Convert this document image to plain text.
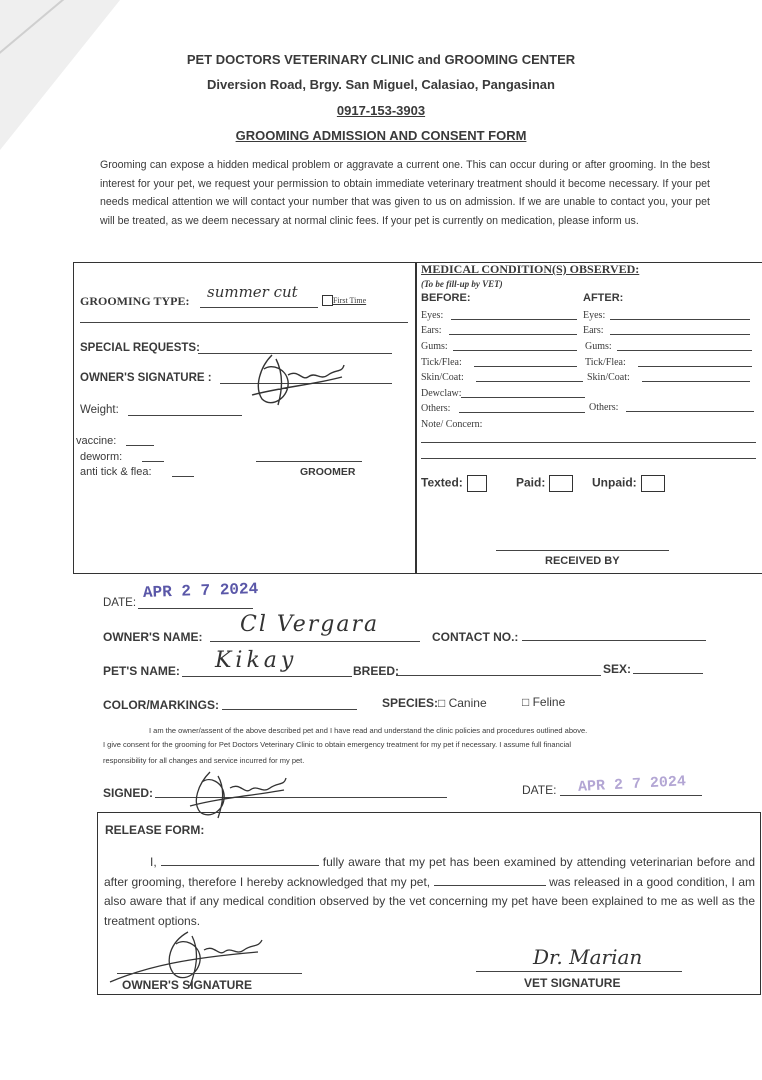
PET DOCTORS VETERINARY CLINIC and GROOMING CENTER
Diversion Road, Brgy. San Miguel, Calasiao, Pangasinan
0917-153-3903
GROOMING ADMISSION AND CONSENT FORM
Grooming can expose a hidden medical problem or aggravate a current one. This can occur during or after grooming. In the best interest for your pet, we request your permission to obtain immediate veterinary treatment should it become necessary. If your pet needs medical attention we will contact your number that was given to us on admission. If we are unable to contact you, your pet will be treated, as we deem necessary at normal clinic fees. If your pet is currently on medication, please inform us.
GROOMING TYPE: summer cut	First Time
SPECIAL REQUESTS:
OWNER'S SIGNATURE :
Weight:
vaccine:
deworm:
anti tick & flea:	GROOMER
MEDICAL CONDITION(S) OBSERVED:
(To be fill-up by VET)
BEFORE:	AFTER:
Eyes:	Eyes:
Ears:	Ears:
Gums:	Gums:
Tick/Flea:	Tick/Flea:
Skin/Coat:	Skin/Coat:
Dewclaw:
Others:	Others:
Note/ Concern:
Texted:	Paid:	Unpaid:
RECEIVED BY
DATE:
APR 2 7 2024
OWNER'S NAME: Cl Vergara	CONTACT NO.:
PET'S NAME: Kikay	BREED:	SEX:
COLOR/MARKINGS:	SPECIES: □ Canine	□ Feline
I am the owner/assent of the above described pet and I have read and understand the clinic policies and procedures outlined above.
I give consent for the grooming for Pet Doctors Veterinary Clinic to obtain emergency treatment for my pet if necessary. I assume full financial
responsibility for all changes and service incurred for my pet.
SIGNED:	DATE: APR 2 7 2024
RELEASE FORM:
I,	fully aware that my pet has been examined by attending veterinarian before and after grooming, therefore I hereby acknowledged that my pet,	was released in a good condition, I am also aware that if any medical condition observed by the vet concerning my pet have been explained to me as well as the treatment options.
OWNER'S SIGNATURE
Dr. Marian
VET SIGNATURE
